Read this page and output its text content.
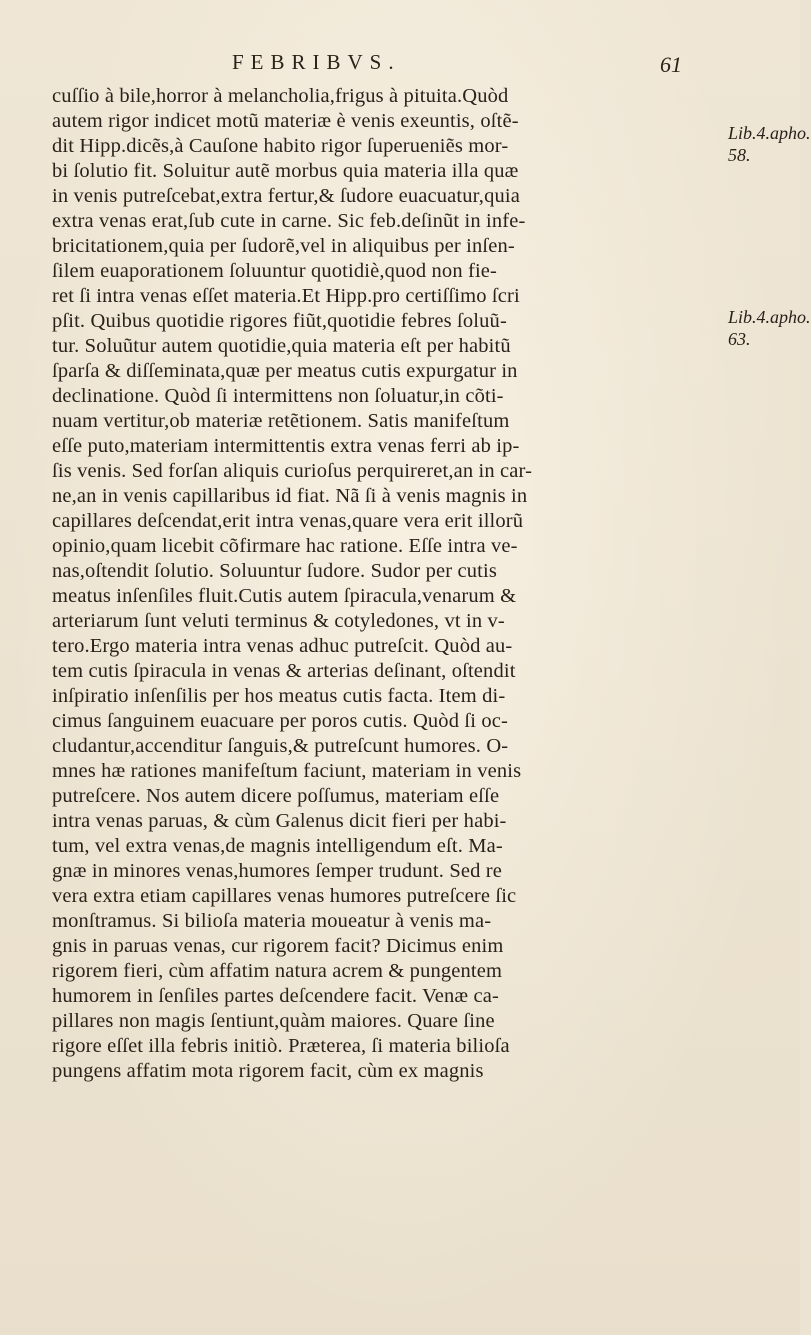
FEBRIBVS.	61
cuſſio à bile,horror à melancholia,frigus à pituita.Quòd
autem rigor indicet motũ materiæ è venis exeuntis, oſtẽ-
dit Hipp.dicẽs,à Cauſone habito rigor ſuperueniẽs mor-
bi ſolutio fit. Soluitur autẽ morbus quia materia illa quæ
in venis putreſcebat,extra fertur,& ſudore euacuatur,quia
extra venas erat,ſub cute in carne. Sic feb.deſinũt in infe-
bricitationem,quia per ſudorẽ,vel in aliquibus per inſen-
ſilem euaporationem ſoluuntur quotidiè,quod non fie-
ret ſi intra venas eſſet materia.Et Hipp.pro certiſſimo ſcri
pſit. Quibus quotidie rigores fiũt,quotidie febres ſoluũ-
tur. Soluũtur autem quotidie,quia materia eſt per habitũ
ſparſa & diſſeminata,quæ per meatus cutis expurgatur in
declinatione. Quòd ſi intermittens non ſoluatur,in cõti-
nuam vertitur,ob materiæ retẽtionem. Satis manifeſtum
eſſe puto,materiam intermittentis extra venas ferri ab ip-
ſis venis. Sed forſan aliquis curioſus perquireret,an in car-
ne,an in venis capillaribus id fiat. Nã ſi à venis magnis in
capillares deſcendat,erit intra venas,quare vera erit illorũ
opinio,quam licebit cõfirmare hac ratione. Eſſe intra ve-
nas,oſtendit ſolutio. Soluuntur ſudore. Sudor per cutis
meatus inſenſiles fluit.Cutis autem ſpiracula,venarum &
arteriarum ſunt veluti terminus & cotyledones, vt in v-
tero.Ergo materia intra venas adhuc putreſcit. Quòd au-
tem cutis ſpiracula in venas & arterias deſinant, oſtendit
inſpiratio inſenſilis per hos meatus cutis facta. Item di-
cimus ſanguinem euacuare per poros cutis. Quòd ſi oc-
cludantur,accenditur ſanguis,& putreſcunt humores. O-
mnes hæ rationes manifeſtum faciunt, materiam in venis
putreſcere. Nos autem dicere poſſumus, materiam eſſe
intra venas paruas, & cùm Galenus dicit fieri per habi-
tum, vel extra venas,de magnis intelligendum eſt. Ma-
gnæ in minores venas,humores ſemper trudunt. Sed re
vera extra etiam capillares venas humores putreſcere ſic
monſtramus. Si bilioſa materia moueatur à venis ma-
gnis in paruas venas, cur rigorem facit? Dicimus enim
rigorem fieri, cùm affatim natura acrem & pungentem
humorem in ſenſiles partes deſcendere facit. Venæ ca-
pillares non magis ſentiunt,quàm maiores. Quare ſine
rigore eſſet illa febris initiò. Præterea, ſi materia bilioſa
pungens affatim mota rigorem facit, cùm ex magnis
Lib.4.apho.
58.
Lib.4.apho.
63.
